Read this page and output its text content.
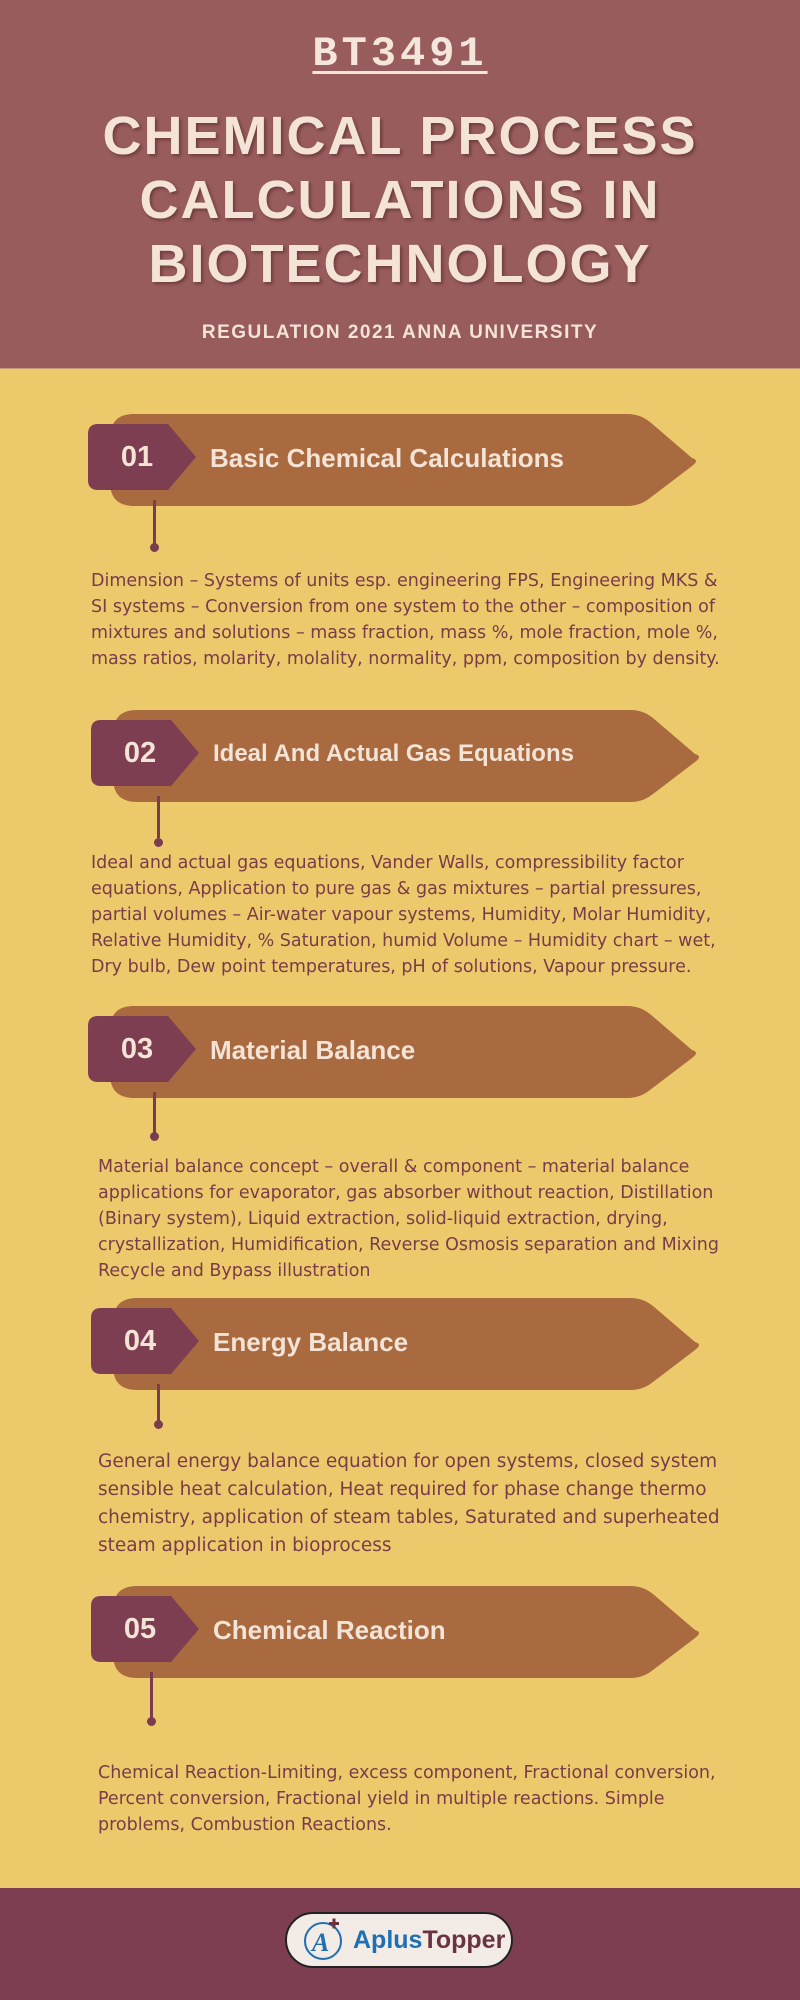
BT3491
CHEMICAL PROCESS CALCULATIONS IN BIOTECHNOLOGY
REGULATION 2021 ANNA UNIVERSITY
01	Basic Chemical Calculations
Dimension – Systems of units esp. engineering FPS, Engineering MKS & SI systems – Conversion from one system to the other – composition of mixtures and solutions – mass fraction, mass %, mole fraction, mole %, mass ratios, molarity, molality, normality, ppm, composition by density.
02	Ideal And Actual Gas Equations
Ideal and actual gas equations, Vander Walls, compressibility factor equations, Application to pure gas & gas mixtures – partial pressures, partial volumes – Air-water vapour systems, Humidity, Molar Humidity, Relative Humidity, % Saturation, humid Volume – Humidity chart – wet, Dry bulb, Dew point temperatures, pH of solutions, Vapour pressure.
03	Material Balance
Material balance concept – overall & component – material balance applications for evaporator, gas absorber without reaction, Distillation (Binary system), Liquid extraction, solid-liquid extraction, drying, crystallization, Humidification, Reverse Osmosis separation and Mixing Recycle and Bypass illustration
04	Energy Balance
General energy balance equation for open systems, closed system sensible heat calculation, Heat required for phase change thermo chemistry, application of steam tables, Saturated and superheated steam application in bioprocess
05	Chemical Reaction
Chemical Reaction-Limiting, excess component, Fractional conversion, Percent conversion, Fractional yield in multiple reactions. Simple problems, Combustion Reactions.
A AplusTopper
